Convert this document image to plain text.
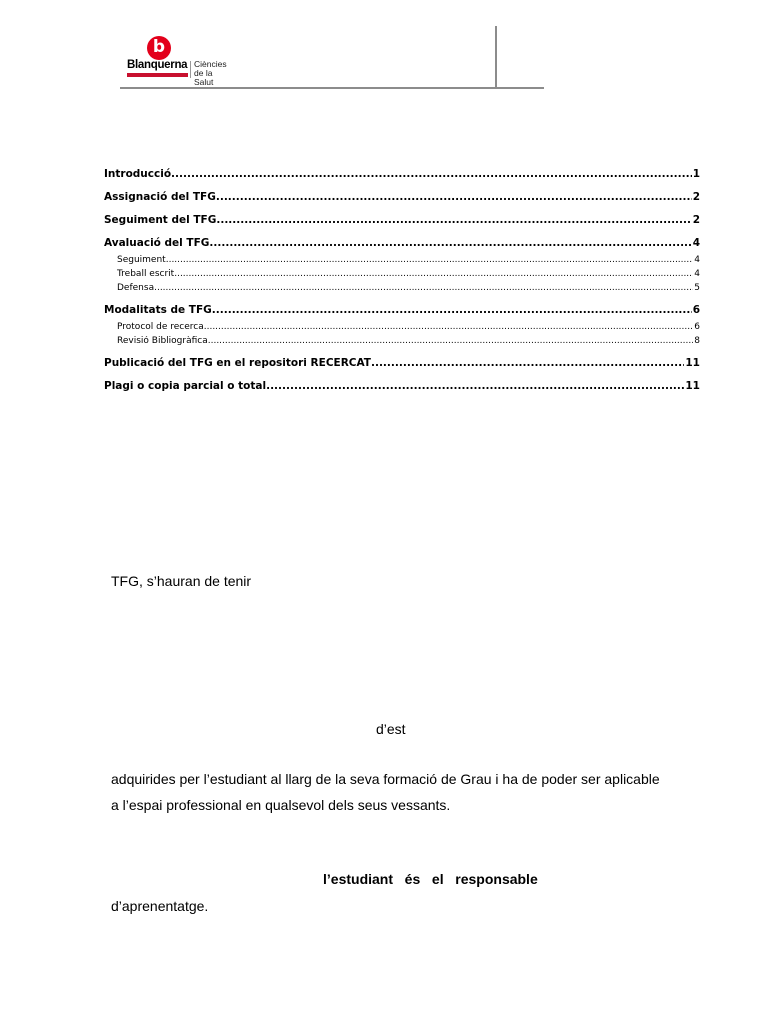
b
Blanquerna Ciències
de la Salut
Introducció .....	1
Assignació del TFG .....	2
Seguiment del TFG .....	2
Avaluació del TFG .....	4
Seguiment .....	4
Treball escrit .....	4
Defensa .....	5
Modalitats de TFG .....	6
Protocol de recerca .....	6
Revisió Bibliogràfica .....	8
Publicació del TFG en el repositori RECERCAT .....	11
Plagi o copia parcial o total .....	11
TFG, s’hauran de tenir
d’est
adquirides per l’estudiant al llarg de la seva formació de Grau i ha de poder ser aplicable
a l’espai professional en qualsevol dels seus vessants.
l’estudiant   és   el   responsable
d’aprenentatge.
